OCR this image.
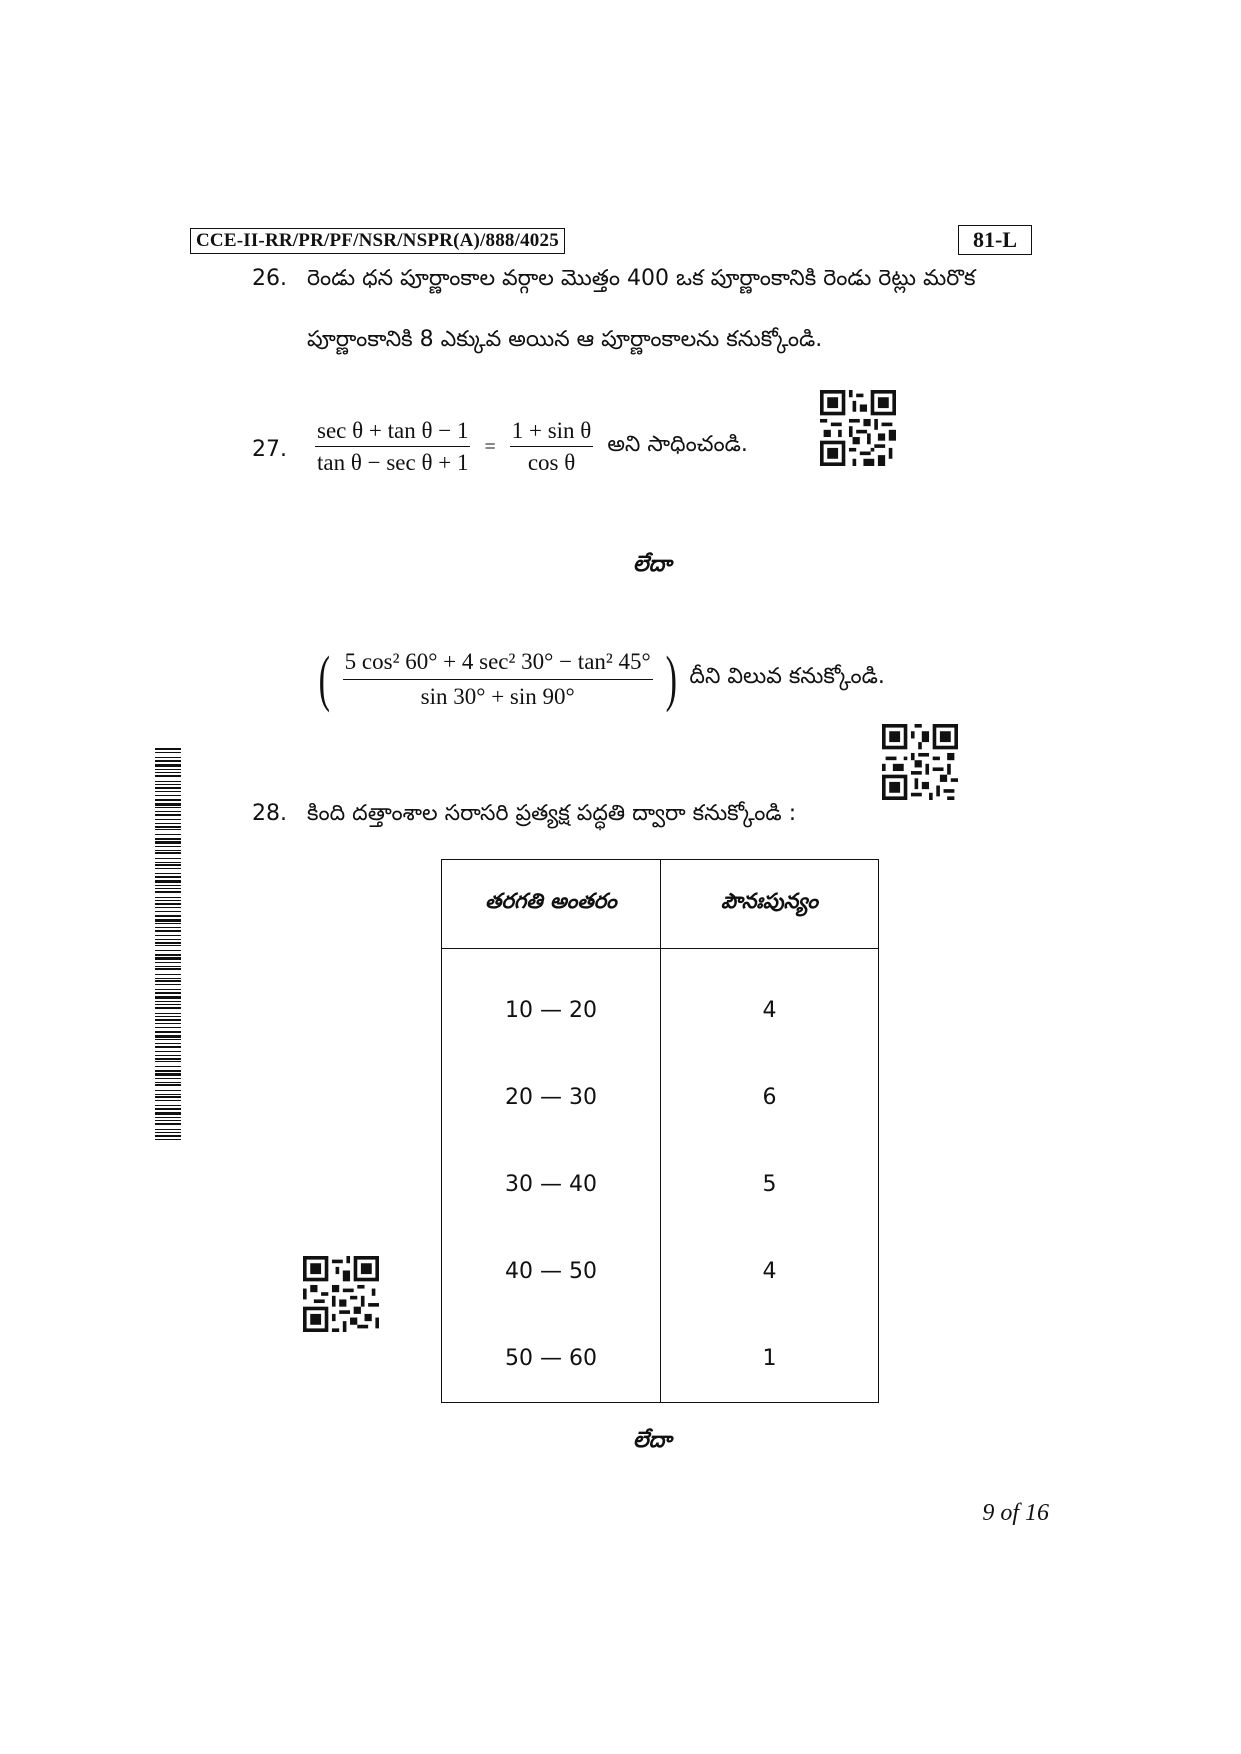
CCE-II-RR/PR/PF/NSR/NSPR(A)/888/4025	81-L
26. రెండు ధన పూర్ణాంకాల వర్గాల మొత్తం 400 ఒక పూర్ణాంకానికి రెండు రెట్లు మరొక
పూర్ణాంకానికి 8 ఎక్కువ అయిన ఆ పూర్ణాంకాలను కనుక్కోండి.
27. $\frac{\text{sec θ + tan θ − 1}}{\text{tan θ − sec θ + 1}} = \frac{\text{1 + sin θ}}{\text{cos θ}}$ అని సాధించండి.
లేదా
( $\frac{\text{5 cos² 60° + 4 sec² 30° − tan² 45°}}{\sin 30^\circ + \sin 90^\circ}$ ) దీని విలువ కనుక్కోండి.
28. కింది దత్తాంశాల సరాసరి ప్రత్యక్ష పద్ధతి ద్వారా కనుక్కోండి :
తరగతి అంతరం	పౌనఃపున్యం
10 — 20	4
20 — 30	6
30 — 40	5
40 — 50	4
50 — 60	1
లేదా
9 of 16
